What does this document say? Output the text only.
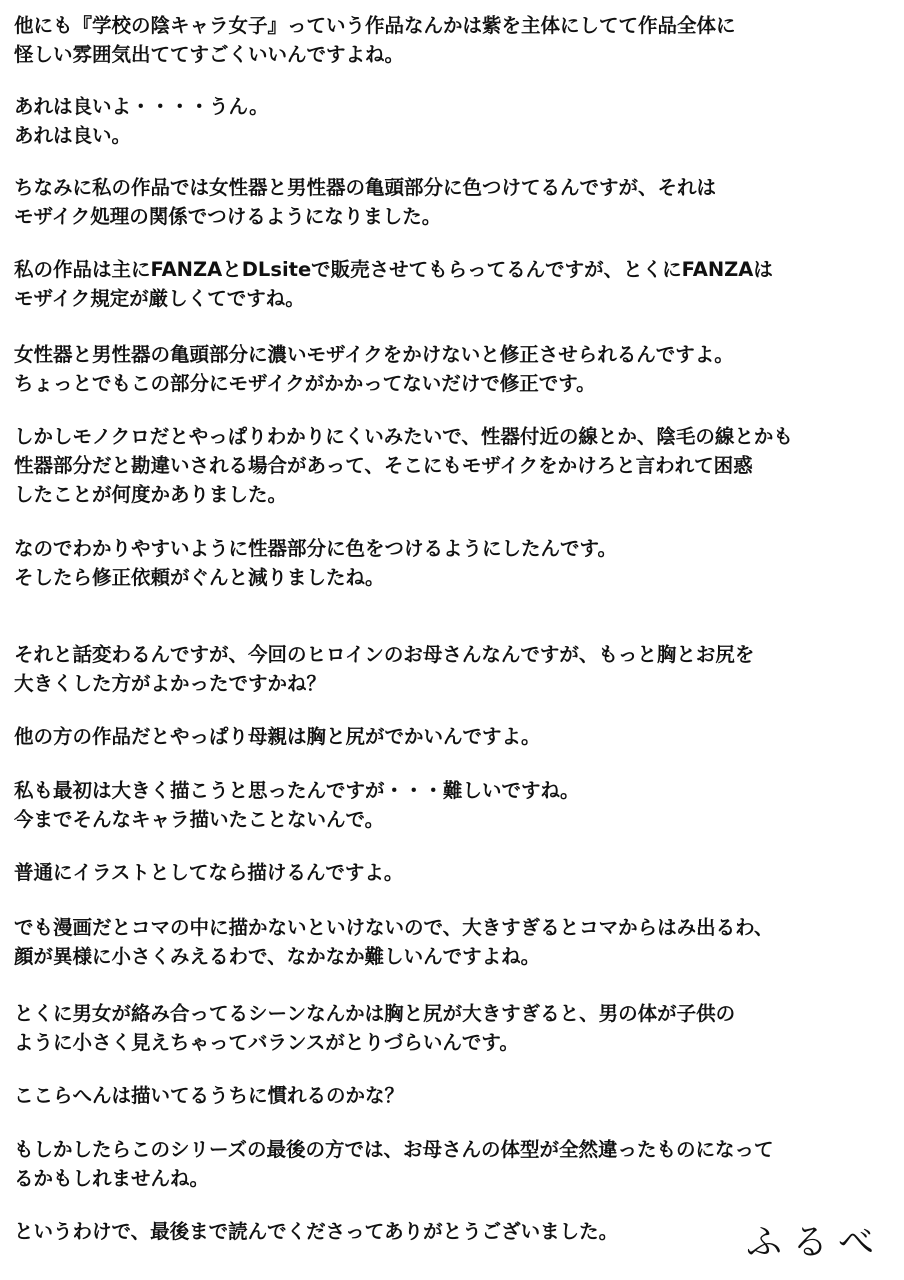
他にも『学校の陰キャラ女子』っていう作品なんかは紫を主体にしてて作品全体に

怪しい雰囲気出ててすごくいいんですよね。

あれは良いよ・・・・うん。

あれは良い。

ちなみに私の作品では女性器と男性器の亀頭部分に色つけてるんですが、それは

モザイク処理の関係でつけるようになりました。

私の作品は主にFANZAとDLsiteで販売させてもらってるんですが、とくにFANZAは

モザイク規定が厳しくてですね。

女性器と男性器の亀頭部分に濃いモザイクをかけないと修正させられるんですよ。

ちょっとでもこの部分にモザイクがかかってないだけで修正です。

しかしモノクロだとやっぱりわかりにくいみたいで、性器付近の線とか、陰毛の線とかも

性器部分だと勘違いされる場合があって、そこにもモザイクをかけろと言われて困惑

したことが何度かありました。

なのでわかりやすいように性器部分に色をつけるようにしたんです。

そしたら修正依頼がぐんと減りましたね。

それと話変わるんですが、今回のヒロインのお母さんなんですが、もっと胸とお尻を

大きくした方がよかったですかね？

他の方の作品だとやっぱり母親は胸と尻がでかいんですよ。

私も最初は大きく描こうと思ったんですが・・・難しいですね。

今までそんなキャラ描いたことないんで。

普通にイラストとしてなら描けるんですよ。

でも漫画だとコマの中に描かないといけないので、大きすぎるとコマからはみ出るわ、

顔が異様に小さくみえるわで、なかなか難しいんですよね。

とくに男女が絡み合ってるシーンなんかは胸と尻が大きすぎると、男の体が子供の

ように小さく見えちゃってバランスがとりづらいんです。

ここらへんは描いてるうちに慣れるのかな？

もしかしたらこのシリーズの最後の方では、お母さんの体型が全然違ったものになって

るかもしれませんね。

というわけで、最後まで読んでくださってありがとうございました。	ふるべ
